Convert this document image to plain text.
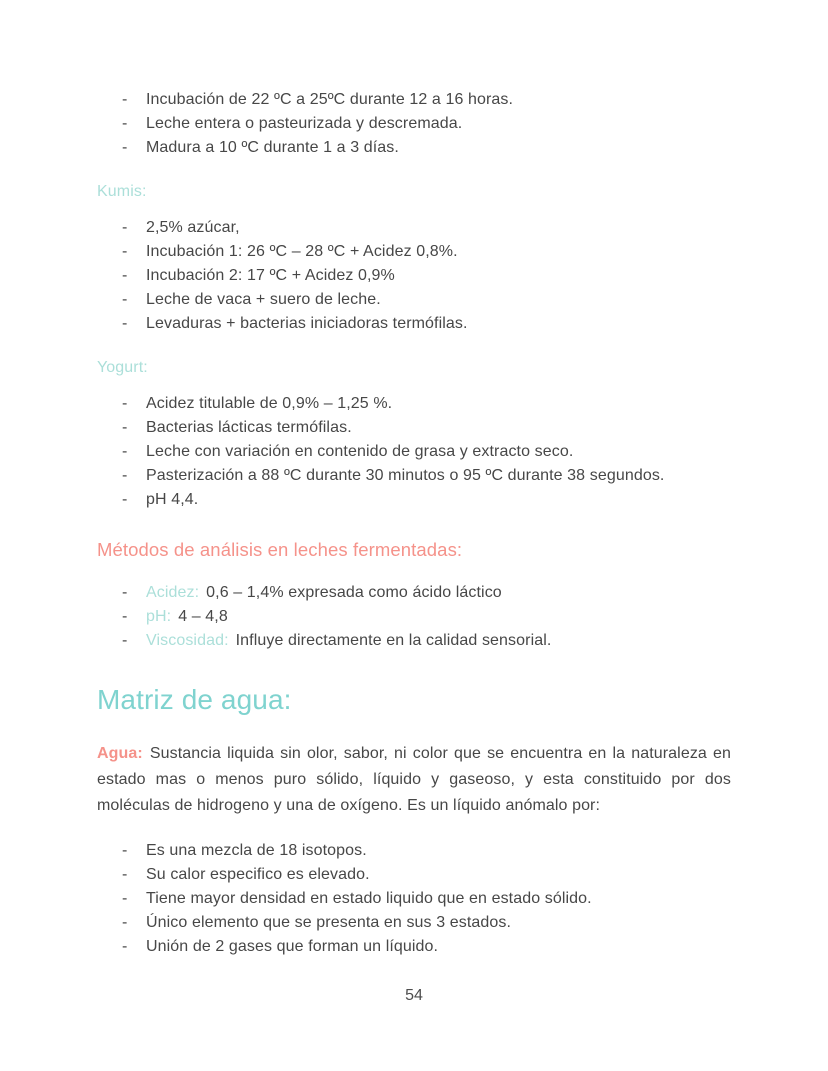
-	Incubación de 22 ºC a 25ºC durante 12 a 16 horas.
-	Leche entera o pasteurizada y descremada.
-	Madura a 10 ºC durante 1 a 3 días.
Kumis:
-	2,5% azúcar,
-	Incubación 1: 26 ºC – 28 ºC + Acidez 0,8%.
-	Incubación 2: 17 ºC + Acidez 0,9%
-	Leche de vaca + suero de leche.
-	Levaduras + bacterias iniciadoras termófilas.
Yogurt:
-	Acidez titulable de 0,9% – 1,25 %.
-	Bacterias lácticas termófilas.
-	Leche con variación en contenido de grasa y extracto seco.
-	Pasterización a 88 ºC durante 30 minutos o 95 ºC durante 38 segundos.
-	pH 4,4.
Métodos de análisis en leches fermentadas:
-	Acidez: 0,6 – 1,4% expresada como ácido láctico
-	pH: 4 – 4,8
-	Viscosidad: Influye directamente en la calidad sensorial.
Matriz de agua:

Agua: Sustancia liquida sin olor, sabor, ni color que se encuentra en la naturaleza en estado mas o menos puro sólido, líquido y gaseoso, y esta constituido por dos moléculas de hidrogeno y una de oxígeno. Es un líquido anómalo por:

-	Es una mezcla de 18 isotopos.
-	Su calor especifico es elevado.
-	Tiene mayor densidad en estado liquido que en estado sólido.
-	Único elemento que se presenta en sus 3 estados.
-	Unión de 2 gases que forman un líquido.
54
